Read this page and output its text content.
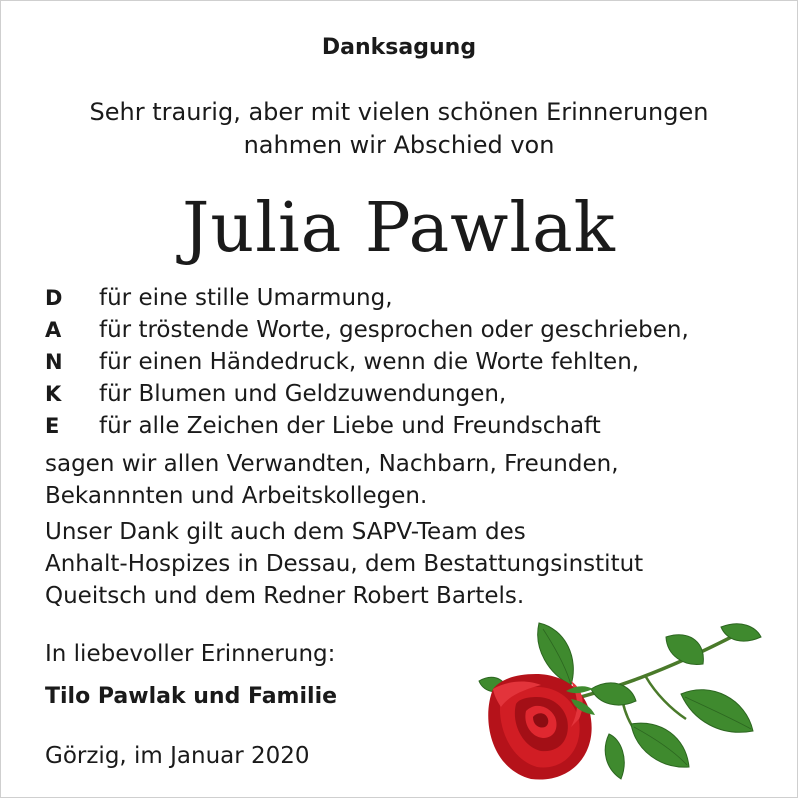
Danksagung
Sehr traurig, aber mit vielen schönen Erinnerungen
nahmen wir Abschied von
Julia Pawlak
D	für eine stille Umarmung,
A	für tröstende Worte, gesprochen oder geschrieben,
N	für einen Händedruck, wenn die Worte fehlten,
K	für Blumen und Geldzuwendungen,
E	für alle Zeichen der Liebe und Freundschaft
sagen wir allen Verwandten, Nachbarn, Freunden,
Bekannnten und Arbeitskollegen.
Unser Dank gilt auch dem SAPV-Team des
Anhalt-Hospizes in Dessau, dem Bestattungsinstitut
Queitsch und dem Redner Robert Bartels.
In liebevoller Erinnerung:
Tilo Pawlak und Familie
Görzig, im Januar 2020
